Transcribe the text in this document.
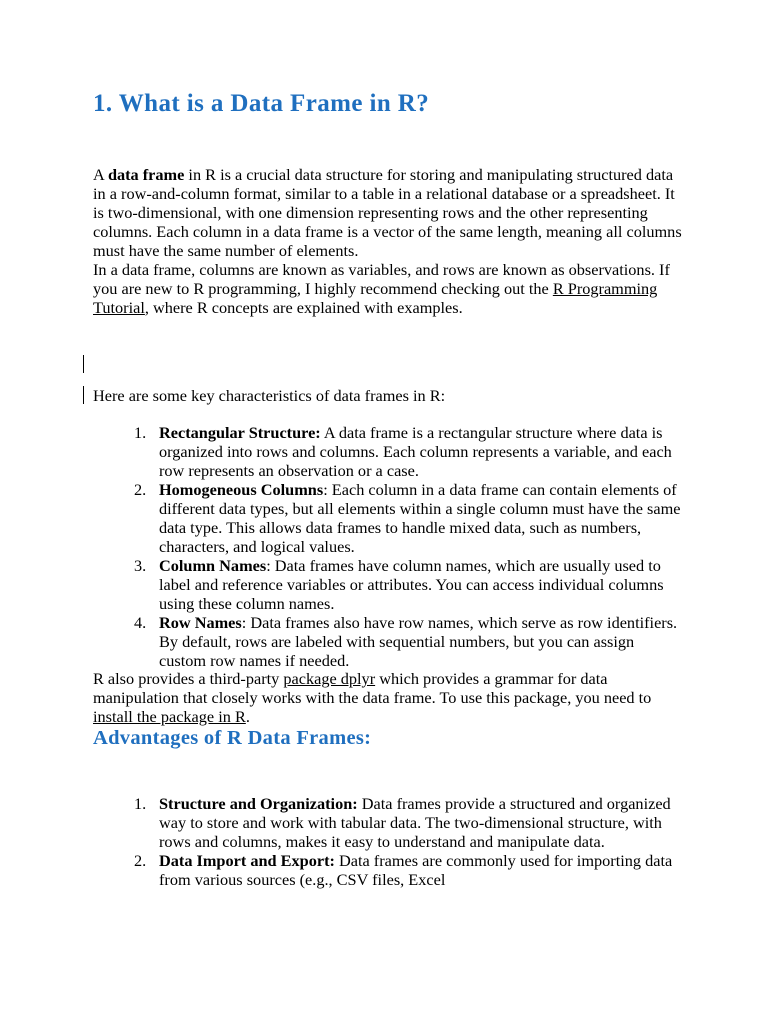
1. What is a Data Frame in R?

A data frame in R is a crucial data structure for storing and manipulating structured data in a row-and-column format, similar to a table in a relational database or a spreadsheet. It is two-dimensional, with one dimension representing rows and the other representing columns. Each column in a data frame is a vector of the same length, meaning all columns must have the same number of elements.

In a data frame, columns are known as variables, and rows are known as observations. If you are new to R programming, I highly recommend checking out the R Programming Tutorial, where R concepts are explained with examples.

Here are some key characteristics of data frames in R:

1. Rectangular Structure: A data frame is a rectangular structure where data is organized into rows and columns. Each column represents a variable, and each row represents an observation or a case.
2. Homogeneous Columns: Each column in a data frame can contain elements of different data types, but all elements within a single column must have the same data type. This allows data frames to handle mixed data, such as numbers, characters, and logical values.
3. Column Names: Data frames have column names, which are usually used to label and reference variables or attributes. You can access individual columns using these column names.
4. Row Names: Data frames also have row names, which serve as row identifiers. By default, rows are labeled with sequential numbers, but you can assign custom row names if needed.

R also provides a third-party package dplyr which provides a grammar for data manipulation that closely works with the data frame. To use this package, you need to install the package in R.

Advantages of R Data Frames:
1. Structure and Organization: Data frames provide a structured and organized way to store and work with tabular data. The two-dimensional structure, with rows and columns, makes it easy to understand and manipulate data.
2. Data Import and Export: Data frames are commonly used for importing data from various sources (e.g., CSV files, Excel
